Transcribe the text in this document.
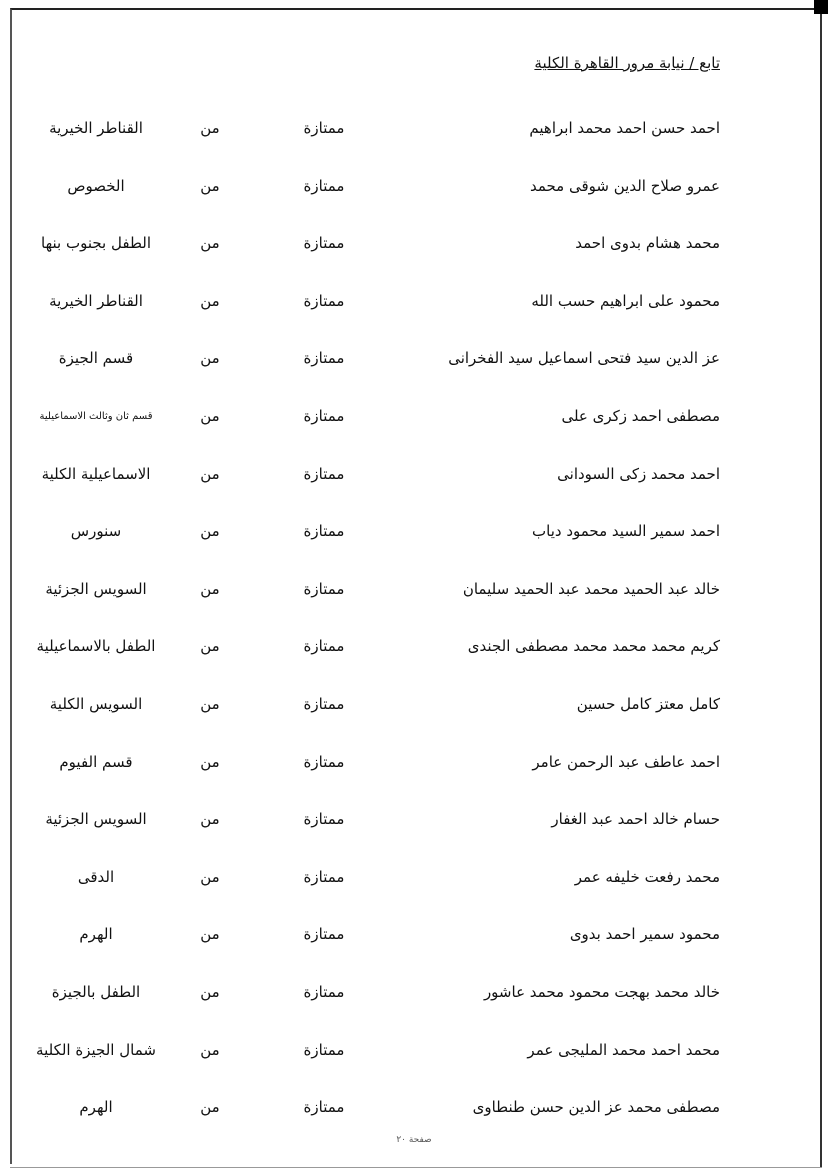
تابع / نيابة مرور القاهرة الكلية
احمد حسن احمد محمد ابراهيم
ممتازة
من
القناطر الخيرية
عمرو صلاح الدين شوقى محمد
ممتازة
من
الخصوص
محمد هشام بدوى احمد
ممتازة
من
الطفل بجنوب بنها
محمود على ابراهيم حسب الله
ممتازة
من
القناطر الخيرية
عز الدين سيد فتحى اسماعيل سيد الفخرانى
ممتازة
من
قسم الجيزة
مصطفى احمد زكرى على
ممتازة
من
قسم ثان وثالث الاسماعيلية
احمد محمد زكى السودانى
ممتازة
من
الاسماعيلية الكلية
احمد سمير السيد محمود دياب
ممتازة
من
سنورس
خالد عبد الحميد محمد عبد الحميد سليمان
ممتازة
من
السويس الجزئية
كريم محمد محمد محمد مصطفى الجندى
ممتازة
من
الطفل بالاسماعيلية
كامل معتز كامل حسين
ممتازة
من
السويس الكلية
احمد عاطف عبد الرحمن عامر
ممتازة
من
قسم الفيوم
حسام خالد احمد عبد الغفار
ممتازة
من
السويس الجزئية
محمد رفعت خليفه عمر
ممتازة
من
الدقى
محمود سمير احمد بدوى
ممتازة
من
الهرم
خالد محمد بهجت محمود محمد عاشور
ممتازة
من
الطفل بالجيزة
محمد احمد محمد المليجى عمر
ممتازة
من
شمال الجيزة الكلية
مصطفى محمد عز الدين حسن طنطاوى
ممتازة
من
الهرم
صفحة ٢٠
